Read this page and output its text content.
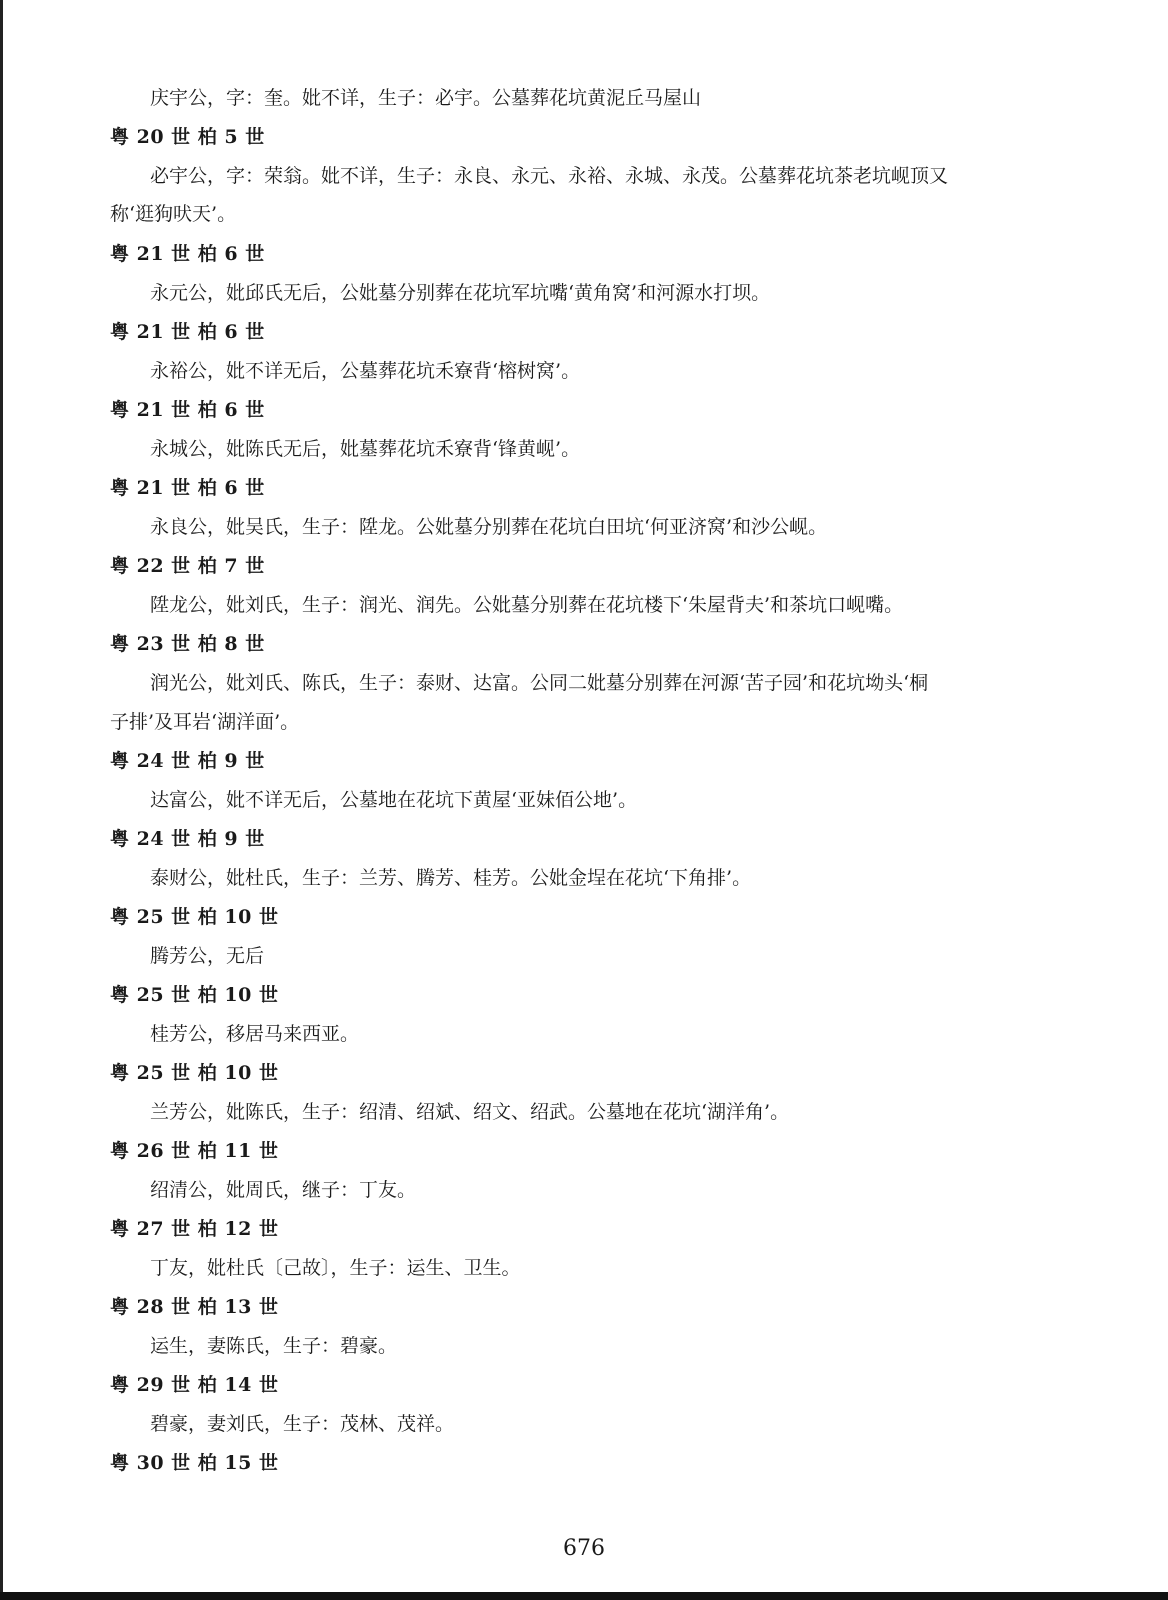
庆宇公，字：奎。妣不详，生子：必宇。公墓葬花坑黄泥丘马屋山
粤 20 世 柏 5 世
必宇公，字：荣翁。妣不详，生子：永良、永元、永裕、永城、永茂。公墓葬花坑茶老坑岘顶又
称‘逛狗吠天’。
粤 21 世 柏 6 世
永元公，妣邱氏无后，公妣墓分别葬在花坑军坑嘴‘黄角窝’和河源水打坝。
粤 21 世 柏 6 世
永裕公，妣不详无后，公墓葬花坑禾寮背‘榕树窝’。
粤 21 世 柏 6 世
永城公，妣陈氏无后，妣墓葬花坑禾寮背‘锋黄岘’。
粤 21 世 柏 6 世
永良公，妣吴氏，生子：陞龙。公妣墓分别葬在花坑白田坑‘何亚济窝’和沙公岘。
粤 22 世 柏 7 世
陞龙公，妣刘氏，生子：润光、润先。公妣墓分别葬在花坑楼下‘朱屋背夫’和茶坑口岘嘴。
粤 23 世 柏 8 世
润光公，妣刘氏、陈氏，生子：泰财、达富。公同二妣墓分别葬在河源‘苦子园’和花坑坳头‘桐
子排’及耳岩‘湖洋面’。
粤 24 世 柏 9 世
达富公，妣不详无后，公墓地在花坑下黄屋‘亚妹佰公地’。
粤 24 世 柏 9 世
泰财公，妣杜氏，生子：兰芳、腾芳、桂芳。公妣金埕在花坑‘下角排’。
粤 25 世 柏 10 世
腾芳公，无后
粤 25 世 柏 10 世
桂芳公，移居马来西亚。
粤 25 世 柏 10 世
兰芳公，妣陈氏，生子：绍清、绍斌、绍文、绍武。公墓地在花坑‘湖洋角’。
粤 26 世 柏 11 世
绍清公，妣周氏，继子：丁友。
粤 27 世 柏 12 世
丁友，妣杜氏〔己故〕，生子：运生、卫生。
粤 28 世 柏 13 世
运生，妻陈氏，生子：碧豪。
粤 29 世 柏 14 世
碧豪，妻刘氏，生子：茂林、茂祥。
粤 30 世 柏 15 世
676
